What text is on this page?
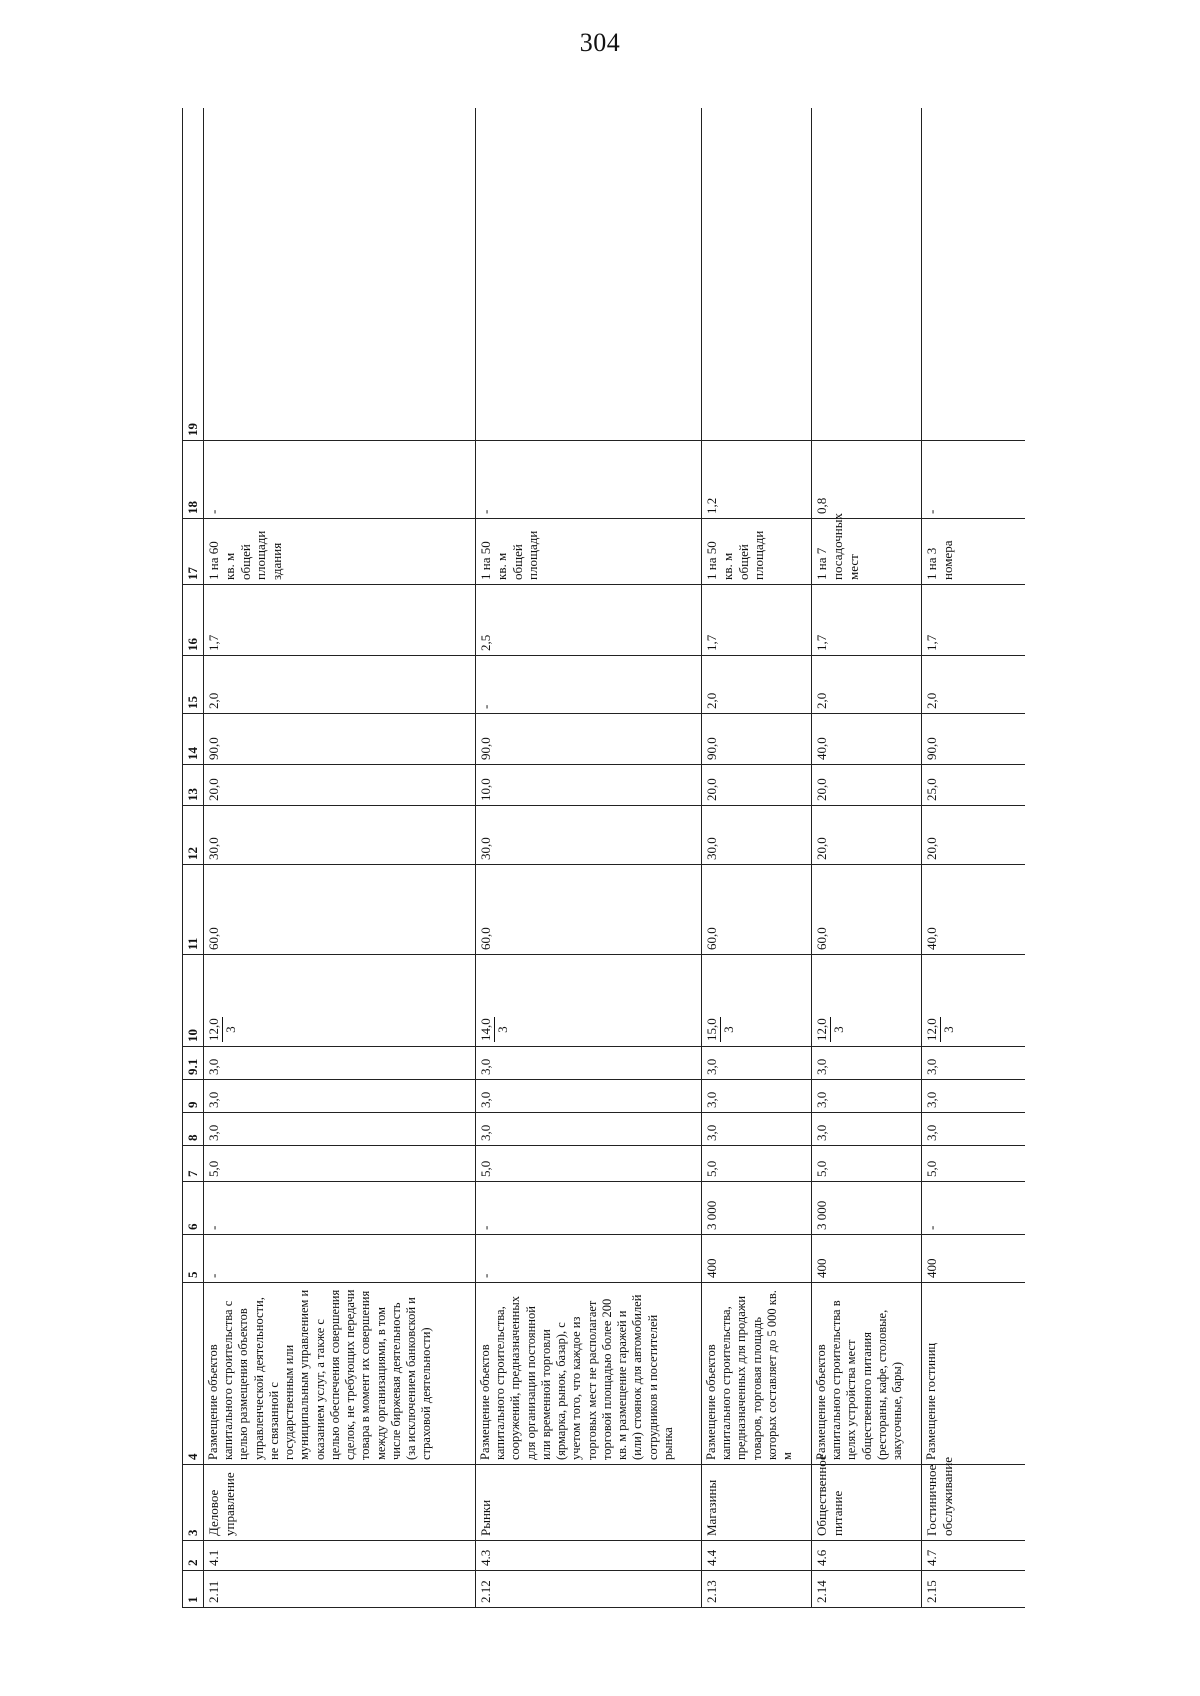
304
1	2	3	4	5	6	7	8	9	9.1	10	11	12	13	14	15	16	17	18	19
2.11	4.1	Деловое управление	Размещение объектов капитального строительства с целью размещения объектов управленческой деятельности, не связанной с государственным или муниципальным управлением и оказанием услуг, а также с целью обеспечения совершения сделок, не требующих передачи товара в момент их совершения между организациями, в том числе биржевая деятельность (за исключением банковской и страховой деятельности)	-	-	5,0	3,0	3,0	3,0	12,0 3	60,0	30,0	20,0	90,0	2,0	1,7	1 на 60 кв. м общей площади здания	-	
2.12	4.3	Рынки	Размещение объектов капитального строительства, сооружений, предназначенных для организации постоянной или временной торговли (ярмарка, рынок, базар), с учетом того, что каждое из торговых мест не располагает торговой площадью более 200 кв. м размещение гаражей и (или) стоянок для автомобилей сотрудников и посетителей рынка	-	-	5,0	3,0	3,0	3,0	14,0 3	60,0	30,0	10,0	90,0	-	2,5	1 на 50 кв. м общей площади	-	
2.13	4.4	Магазины	Размещение объектов капитального строительства, предназначенных для продажи товаров, торговая площадь которых составляет до 5 000 кв. м	400	3 000	5,0	3,0	3,0	3,0	15,0 3	60,0	30,0	20,0	90,0	2,0	1,7	1 на 50 кв. м общей площади	1,2	
2.14	4.6	Общественное питание	Размещение объектов капитального строительства в целях устройства мест общественного питания (рестораны, кафе, столовые, закусочные, бары)	400	3 000	5,0	3,0	3,0	3,0	12,0 3	60,0	20,0	20,0	40,0	2,0	1,7	1 на 7 посадочных мест	0,8	
2.15	4.7	Гостиничное обслуживание	Размещение гостиниц	400	-	5,0	3,0	3,0	3,0	12,0 3	40,0	20,0	25,0	90,0	2,0	1,7	1 на 3 номера	-	
